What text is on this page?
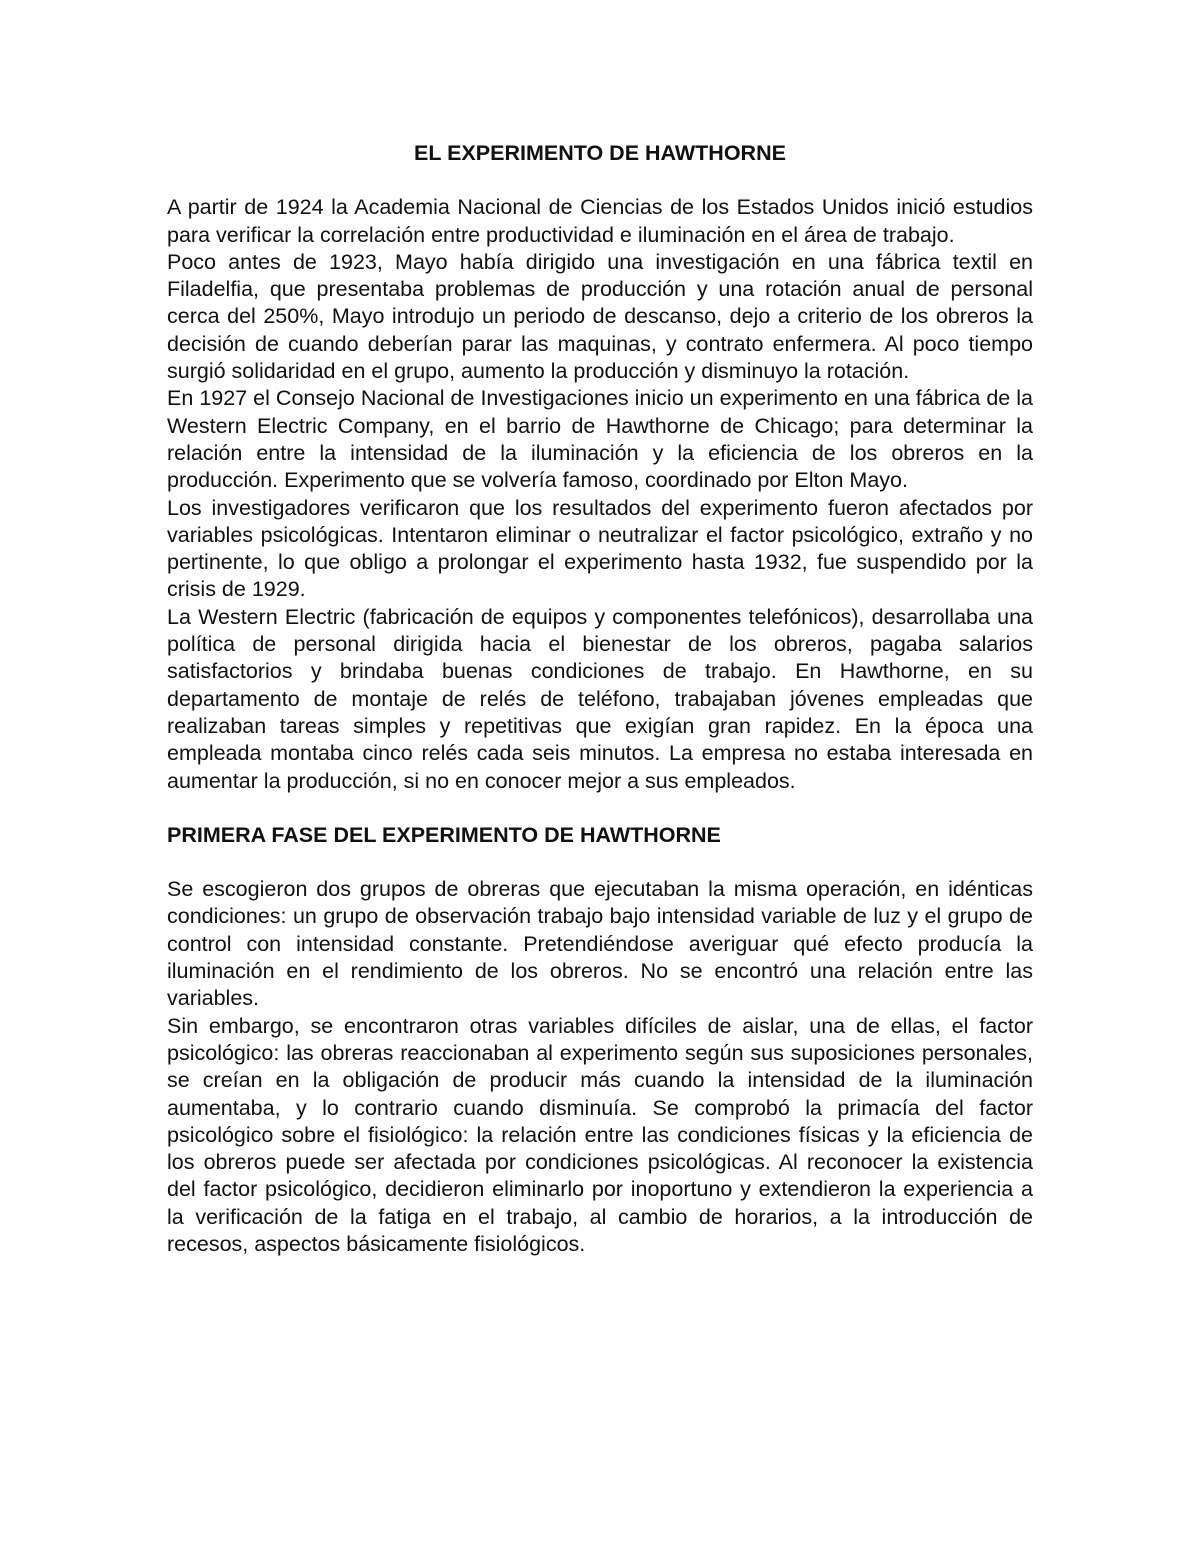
EL EXPERIMENTO DE HAWTHORNE

A partir de 1924 la Academia Nacional de Ciencias de los Estados Unidos inició estudios para verificar la correlación entre productividad e iluminación en el área de trabajo.

Poco antes de 1923, Mayo había dirigido una investigación en una fábrica textil en Filadelfia, que presentaba problemas de producción y una rotación anual de personal cerca del 250%, Mayo introdujo un periodo de descanso, dejo a criterio de los obreros la decisión de cuando deberían parar las maquinas, y contrato enfermera. Al poco tiempo surgió solidaridad en el grupo, aumento la producción y disminuyo la rotación.

En 1927 el Consejo Nacional de Investigaciones inicio un experimento en una fábrica de la Western Electric Company, en el barrio de Hawthorne de Chicago; para determinar la relación entre la intensidad de la iluminación y la eficiencia de los obreros en la producción. Experimento que se volvería famoso, coordinado por Elton Mayo.

Los investigadores verificaron que los resultados del experimento fueron afectados por variables psicológicas. Intentaron eliminar o neutralizar el factor psicológico, extraño y no pertinente, lo que obligo a prolongar el experimento hasta 1932, fue suspendido por la crisis de 1929.

La Western Electric (fabricación de equipos y componentes telefónicos), desarrollaba una política de personal dirigida hacia el bienestar de los obreros, pagaba salarios satisfactorios y brindaba buenas condiciones de trabajo. En Hawthorne, en su departamento de montaje de relés de teléfono, trabajaban jóvenes empleadas que realizaban tareas simples y repetitivas que exigían gran rapidez. En la época una empleada montaba cinco relés cada seis minutos. La empresa no estaba interesada en aumentar la producción, si no en conocer mejor a sus empleados.

PRIMERA FASE DEL EXPERIMENTO DE HAWTHORNE

Se escogieron dos grupos de obreras que ejecutaban la misma operación, en idénticas condiciones: un grupo de observación trabajo bajo intensidad variable de luz y el grupo de control con intensidad constante. Pretendiéndose averiguar qué efecto producía la iluminación en el rendimiento de los obreros. No se encontró una relación entre las variables.

Sin embargo, se encontraron otras variables difíciles de aislar, una de ellas, el factor psicológico: las obreras reaccionaban al experimento según sus suposiciones personales, se creían en la obligación de producir más cuando la intensidad de la iluminación aumentaba, y lo contrario cuando disminuía. Se comprobó la primacía del factor psicológico sobre el fisiológico: la relación entre las condiciones físicas y la eficiencia de los obreros puede ser afectada por condiciones psicológicas. Al reconocer la existencia del factor psicológico, decidieron eliminarlo por inoportuno y extendieron la experiencia a la verificación de la fatiga en el trabajo, al cambio de horarios, a la introducción de recesos, aspectos básicamente fisiológicos.
